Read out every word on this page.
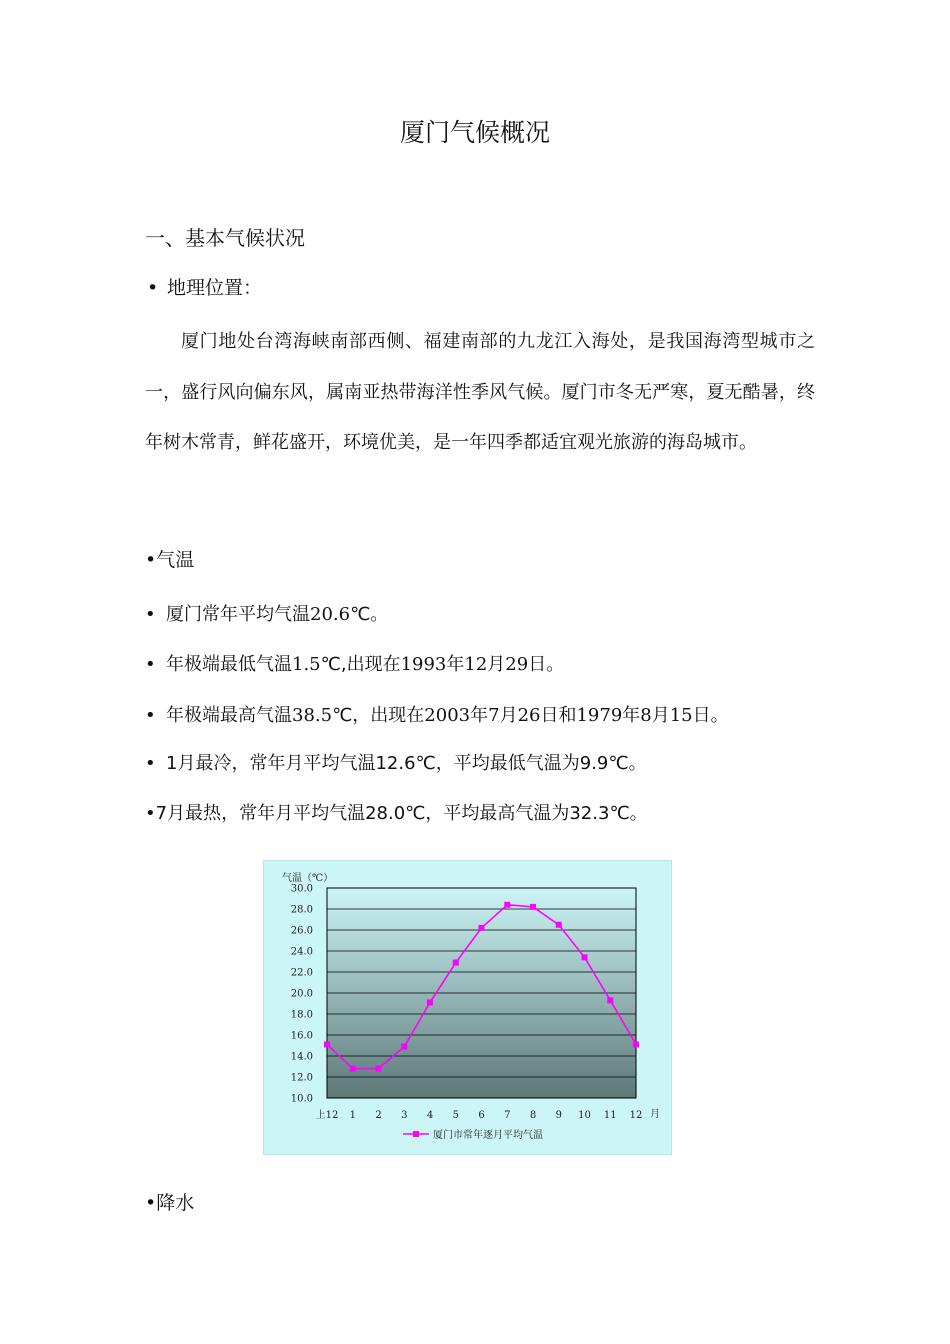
厦门气候概况
一、基本气候状况
• 地理位置：

厦门地处台湾海峡南部西侧、福建南部的九龙江入海处，是我国海湾型城市之一，盛行风向偏东风，属南亚热带海洋性季风气候。厦门市冬无严寒，夏无酷暑，终年树木常青，鲜花盛开，环境优美，是一年四季都适宜观光旅游的海岛城市。

•气温
• 厦门常年平均气温20.6℃。
• 年极端最低气温1.5℃,出现在1993年12月29日。
• 年极端最高气温38.5℃，出现在2003年7月26日和1979年8月15日。
• 1月最冷，常年月平均气温12.6℃，平均最低气温为9.9℃。
•7月最热，常年月平均气温28.0℃，平均最高气温为32.3℃。
30.0
28.0
26.0
24.0
22.0
20.0
18.0
16.0
14.0
12.0
10.0
上12 1 2 3 4 5 6 7 8 9 10 11 12
气温（℃）
月
厦门市常年逐月平均气温
•降水
